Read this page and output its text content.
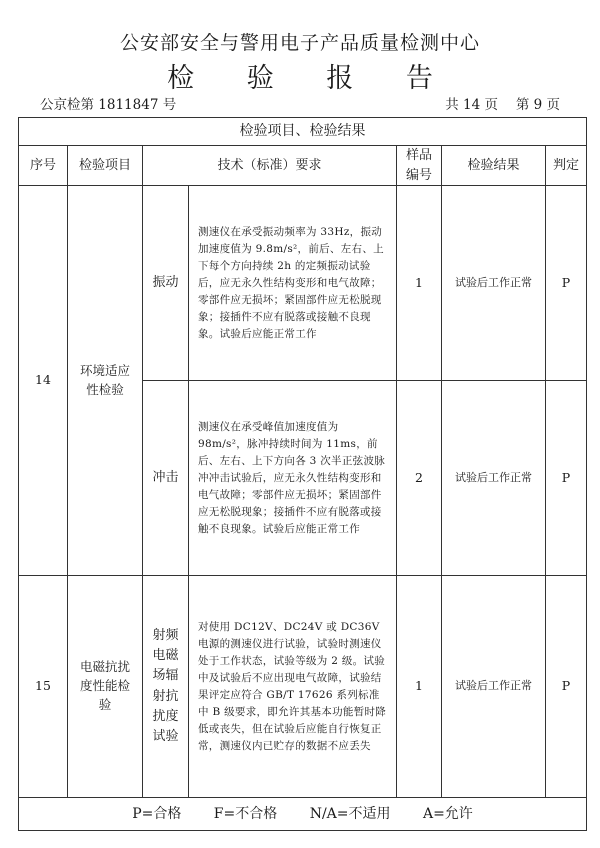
公安部安全与警用电子产品质量检测中心
检 验 报 告
公京检第 1811847 号	共 14 页　 第 9 页
检验项目、检验结果						
序号	检验项目	技术（标准）要求		样品编号	检验结果	判定
14	环境适应性检验	振动	测速仪在承受振动频率为 33Hz，振动加速度值为 9.8m/s²，前后、左右、上下每个方向持续 2h 的定频振动试验后，应无永久性结构变形和电气故障；零部件应无损坏；紧固部件应无松脱现象；接插件不应有脱落或接触不良现象。试验后应能正常工作	1	试验后工作正常	P
		冲击	测速仪在承受峰值加速度值为 98m/s²，脉冲持续时间为 11ms，前后、左右、上下方向各 3 次半正弦波脉冲冲击试验后，应无永久性结构变形和电气故障；零部件应无损坏；紧固部件应无松脱现象；接插件不应有脱落或接触不良现象。试验后应能正常工作	2	试验后工作正常	P
15	电磁抗扰度性能检验	射频电磁场辐射抗扰度试验	对使用 DC12V、DC24V 或 DC36V 电源的测速仪进行试验，试验时测速仪处于工作状态，试验等级为 2 级。试验中及试验后不应出现电气故障，试验结果评定应符合 GB/T 17626 系列标准中 B 级要求，即允许其基本功能暂时降低或丧失，但在试验后应能自行恢复正常，测速仪内已贮存的数据不应丢失	1	试验后工作正常	P
P=合格 F=不合格 N/A=不适用 A=允许						
